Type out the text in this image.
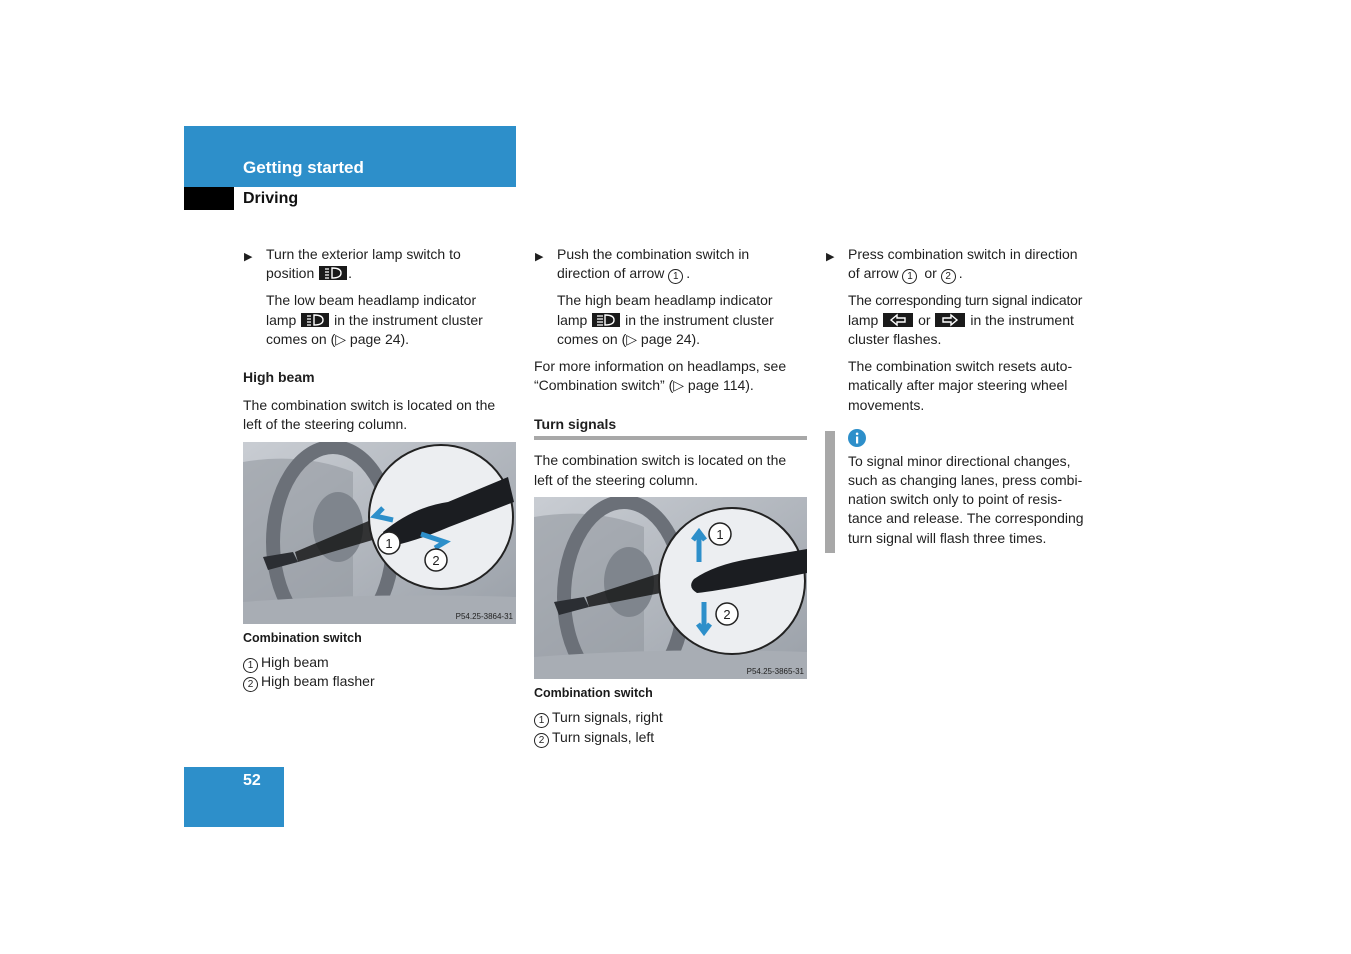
Getting started
Driving
▶ Turn the exterior lamp switch to
position .
The low beam headlamp indicator
lamp	in the instrument cluster
comes on (▷ page 24).
High beam
The combination switch is located on the
left of the steering column.
1
2
P54.25-3864-31
Combination switch
1 High beam
2 High beam flasher
▶ Push the combination switch in
direction of arrow 1 .
The high beam headlamp indicator
lamp	in the instrument cluster
comes on (▷ page 24).
For more information on headlamps, see
“Combination switch” (▷ page 114).
Turn signals
The combination switch is located on the
left of the steering column.
1
2
P54.25-3865-31
Combination switch
1 Turn signals, right
2 Turn signals, left
▶ Press combination switch in direction
of arrow 1 or 2 .
The corresponding turn signal indicator
lamp	or	in the instrument
cluster flashes.
The combination switch resets auto-
matically after major steering wheel
movements.
To signal minor directional changes,
such as changing lanes, press combi-
nation switch only to point of resis-
tance and release. The corresponding
turn signal will flash three times.
52
